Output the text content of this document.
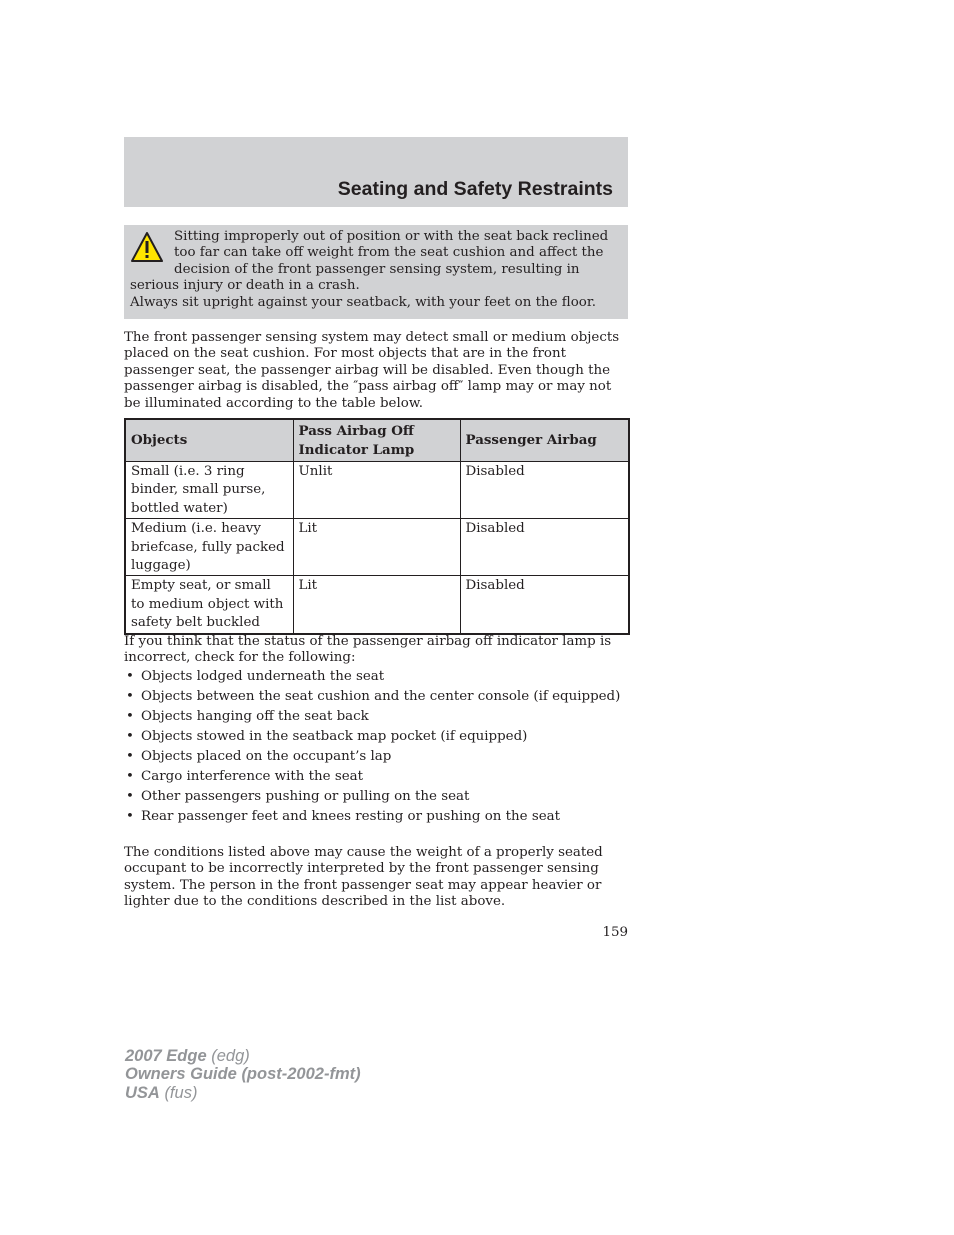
Seating and Safety Restraints

Sitting improperly out of position or with the seat back reclined too far can take off weight from the seat cushion and affect the decision of the front passenger sensing system, resulting in serious injury or death in a crash.

Always sit upright against your seatback, with your feet on the floor.

The front passenger sensing system may detect small or medium objects placed on the seat cushion. For most objects that are in the front passenger seat, the passenger airbag will be disabled. Even though the passenger airbag is disabled, the ″pass airbag off″ lamp may or may not be illuminated according to the table below.

Objects	Pass Airbag Off Indicator Lamp	Passenger Airbag
Small (i.e. 3 ring binder, small purse, bottled water)	Unlit	Disabled
Medium (i.e. heavy briefcase, fully packed luggage)	Lit	Disabled
Empty seat, or small to medium object with safety belt buckled	Lit	Disabled

If you think that the status of the passenger airbag off indicator lamp is incorrect, check for the following:

• Objects lodged underneath the seat
• Objects between the seat cushion and the center console (if equipped)
• Objects hanging off the seat back
• Objects stowed in the seatback map pocket (if equipped)
• Objects placed on the occupant’s lap
• Cargo interference with the seat
• Other passengers pushing or pulling on the seat
• Rear passenger feet and knees resting or pushing on the seat

The conditions listed above may cause the weight of a properly seated occupant to be incorrectly interpreted by the front passenger sensing system. The person in the front passenger seat may appear heavier or lighter due to the conditions described in the list above.

159

2007 Edge (edg)
Owners Guide (post-2002-fmt)
USA (fus)
